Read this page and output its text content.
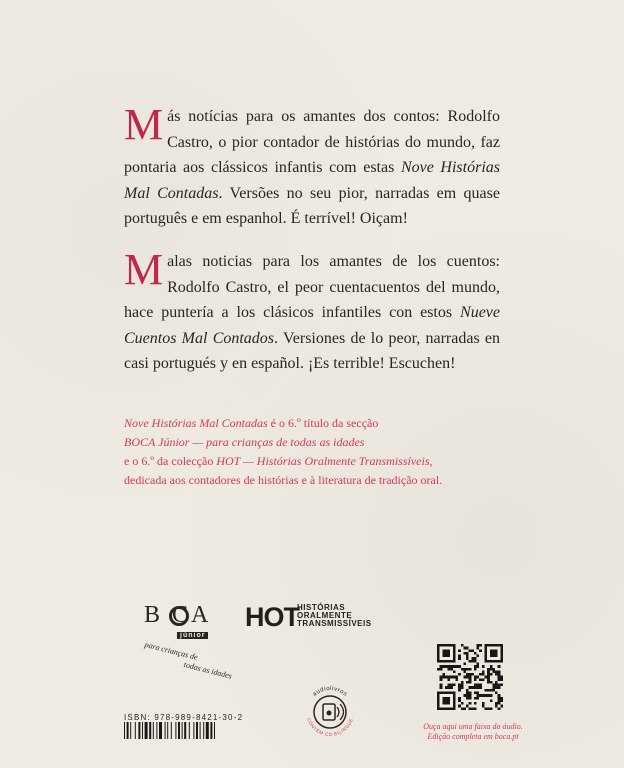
Más notícias para os amantes dos contos: Rodolfo Castro, o pior contador de histórias do mundo, faz pontaria aos clássicos infantis com estas Nove Histórias Mal Contadas. Versões no seu pior, narradas em quase português e em espanhol. É terrível! Oiçam!

Malas noticias para los amantes de los cuentos: Rodolfo Castro, el peor cuentacuentos del mundo, hace puntería a los clásicos infantiles con estos Nueve Cuentos Mal Contados. Versiones de lo peor, narradas en casi portugués y en español. ¡Es terrible! Escuchen!

Nove Histórias Mal Contadas é o 6.º título da secção
BOCA Júnior — para crianças de todas as idades
e o 6.º da colecção HOT — Histórias Oralmente Transmissíveis,
dedicada aos contadores de histórias e à literatura de tradição oral.
B CA
júnior
para crianças de
todas as idades
HOT
HISTÓRIAS
ORALMENTE
TRANSMISSÍVEIS
ISBN: 978-989-8421-30-2
audiolivros
CONTÉM CD BILINGUE
Ouça aqui uma faixa do áudio.
Edição completa em boca.pt
